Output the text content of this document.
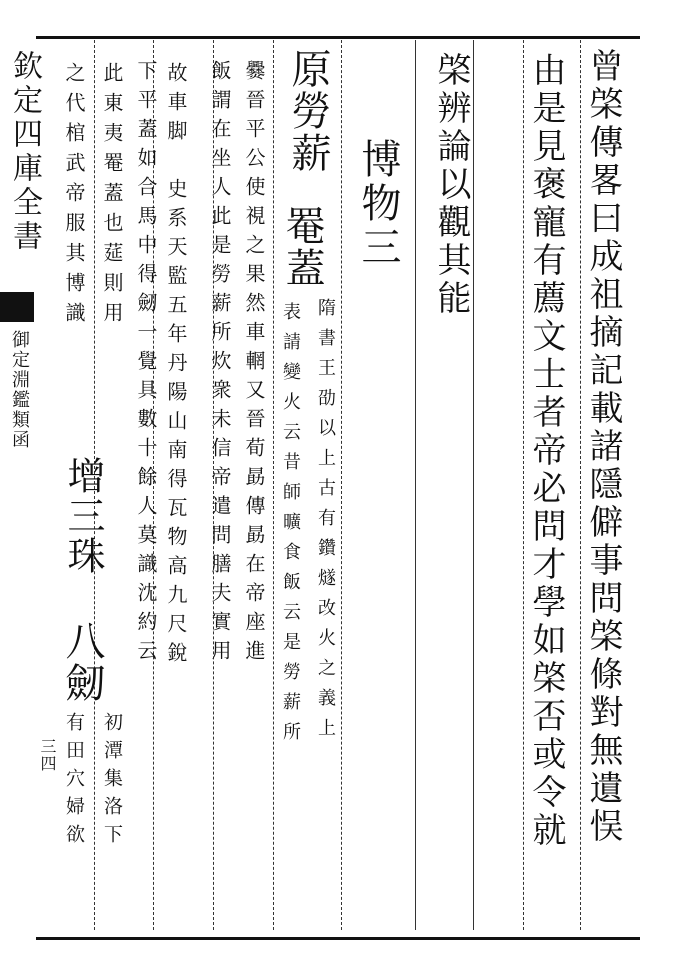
欽定四庫全書
御定淵鑑類函
三四	曾棨傳畧曰成祖摘記載諸隱僻事問棨條對無遺悮
由是見褒寵有薦文士者帝必問才學如棨否或令就
棨辨論以觀其能
博物三
原勞薪
罨蓋
隋書王劭以上古有鑽燧改火之義上
表請變火云昔師曠食飯云是勞薪所
爨晉平公使視之果然車輞又晉荀勗傳勗在帝座進
飯謂在坐人此是勞薪所炊衆未信帝遣問膳夫實用
故車脚　史系天監五年丹陽山南得瓦物高九尺銳
下平蓋如合馬中得劒一覺具數十餘人莫識沈約云
此東夷罨蓋也莚則用
之代棺武帝服其博識
增三珠
八劒
初潭集洛下
有田穴婦欲
